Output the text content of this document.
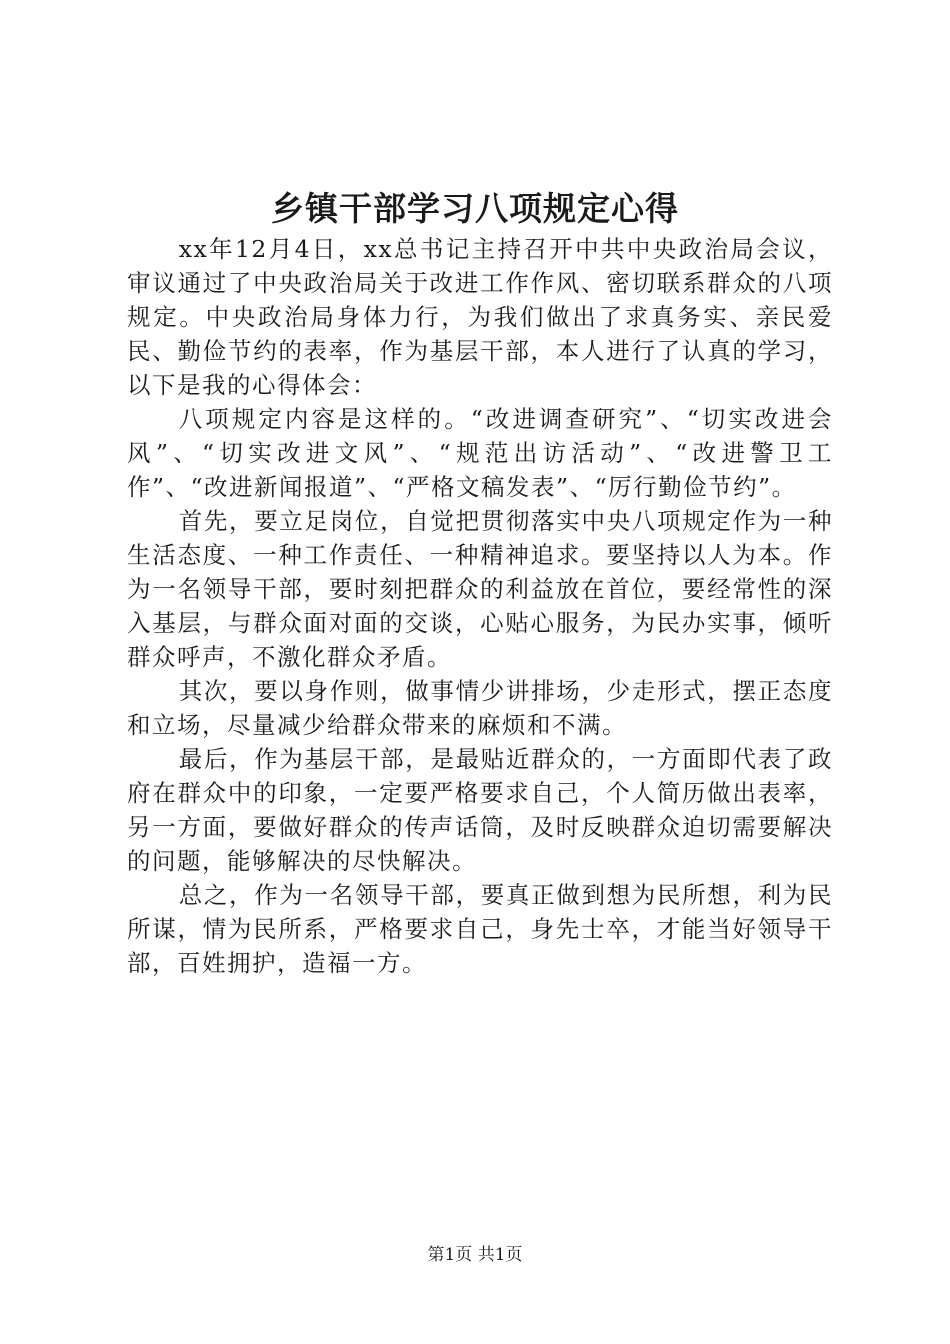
乡镇干部学习八项规定心得

xx年12月4日，xx总书记主持召开中共中央政治局会议，审议通过了中央政治局关于改进工作作风、密切联系群众的八项规定。中央政治局身体力行，为我们做出了求真务实、亲民爱民、勤俭节约的表率，作为基层干部，本人进行了认真的学习，以下是我的心得体会：

八项规定内容是这样的。“改进调查研究”、“切实改进会风”、“切实改进文风”、“规范出访活动”、“改进警卫工作”、“改进新闻报道”、“严格文稿发表”、“厉行勤俭节约”。

首先，要立足岗位，自觉把贯彻落实中央八项规定作为一种生活态度、一种工作责任、一种精神追求。要坚持以人为本。作为一名领导干部，要时刻把群众的利益放在首位，要经常性的深入基层，与群众面对面的交谈，心贴心服务，为民办实事，倾听群众呼声，不激化群众矛盾。

其次，要以身作则，做事情少讲排场，少走形式，摆正态度和立场，尽量减少给群众带来的麻烦和不满。

最后，作为基层干部，是最贴近群众的，一方面即代表了政府在群众中的印象，一定要严格要求自己，个人简历做出表率，另一方面，要做好群众的传声话筒，及时反映群众迫切需要解决的问题，能够解决的尽快解决。

总之，作为一名领导干部，要真正做到想为民所想，利为民所谋，情为民所系，严格要求自己，身先士卒，才能当好领导干部，百姓拥护，造福一方。

第1页 共1页
